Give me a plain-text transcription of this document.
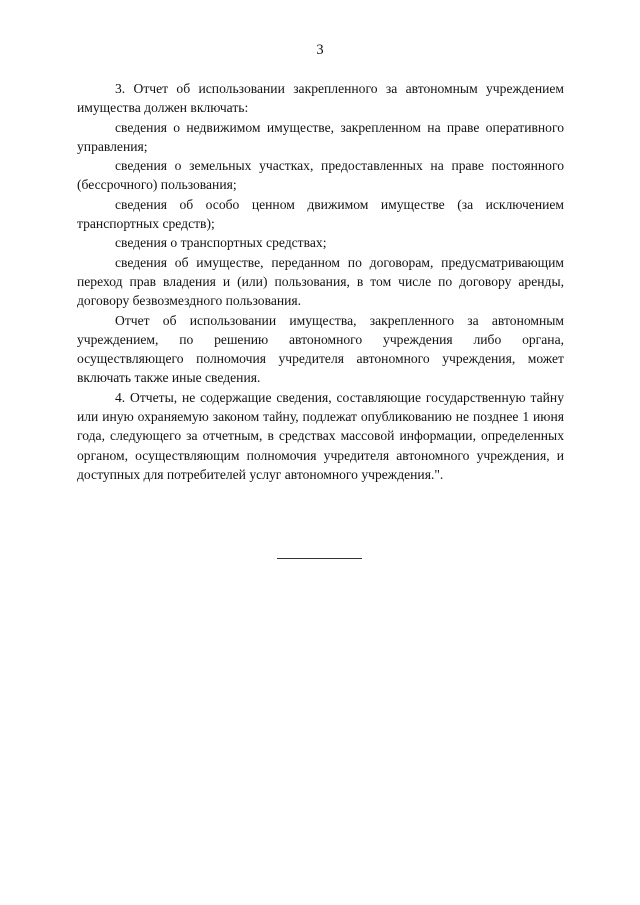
3

3. Отчет об использовании закрепленного за автономным учреждением имущества должен включать:

сведения о недвижимом имуществе, закрепленном на праве оперативного управления;

сведения о земельных участках, предоставленных на праве постоянного (бессрочного) пользования;

сведения об особо ценном движимом имуществе (за исключением транспортных средств);

сведения о транспортных средствах;

сведения об имуществе, переданном по договорам, предусматривающим переход прав владения и (или) пользования, в том числе по договору аренды, договору безвозмездного пользования.

Отчет об использовании имущества, закрепленного за автономным учреждением, по решению автономного учреждения либо органа, осуществляющего полномочия учредителя автономного учреждения, может включать также иные сведения.

4. Отчеты, не содержащие сведения, составляющие государственную тайну или иную охраняемую законом тайну, подлежат опубликованию не позднее 1 июня года, следующего за отчетным, в средствах массовой информации, определенных органом, осуществляющим полномочия учредителя автономного учреждения, и доступных для потребителей услуг автономного учреждения.".
